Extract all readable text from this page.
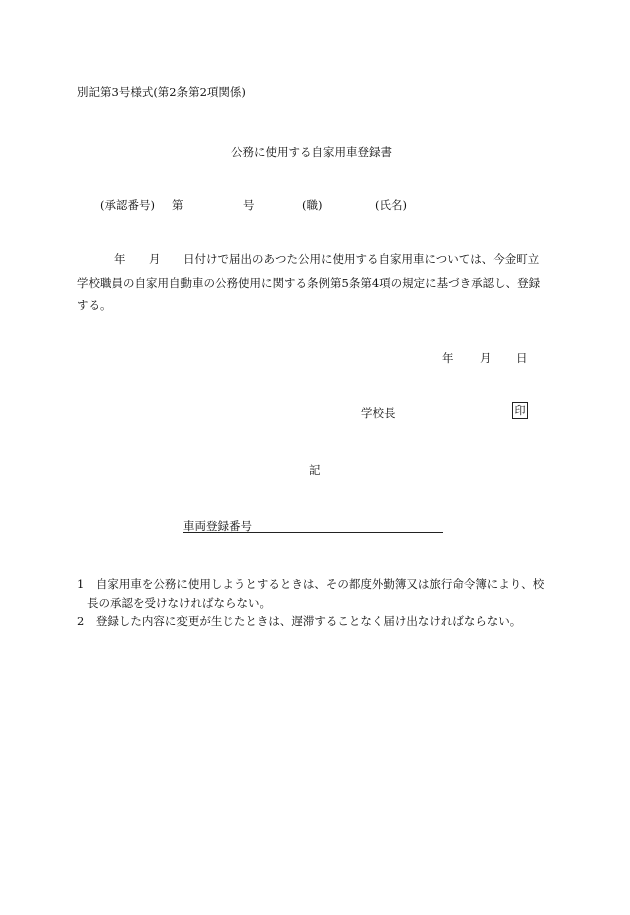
別記第3号様式(第2条第2項関係)
公務に使用する自家用車登録書
(承認番号) 第	号	(職)	(氏名)
年 月 日付けで届出のあつた公用に使用する自家用車については、今金町立
学校職員の自家用自動車の公務使用に関する条例第5条第4項の規定に基づき承認し、登録
する。
年 月 日
学校長	印
記
車両登録番号
1　自家用車を公務に使用しようとするときは、その都度外勤簿又は旅行命令簿により、校
長の承認を受けなければならない。
2　登録した内容に変更が生じたときは、遅滞することなく届け出なければならない。
